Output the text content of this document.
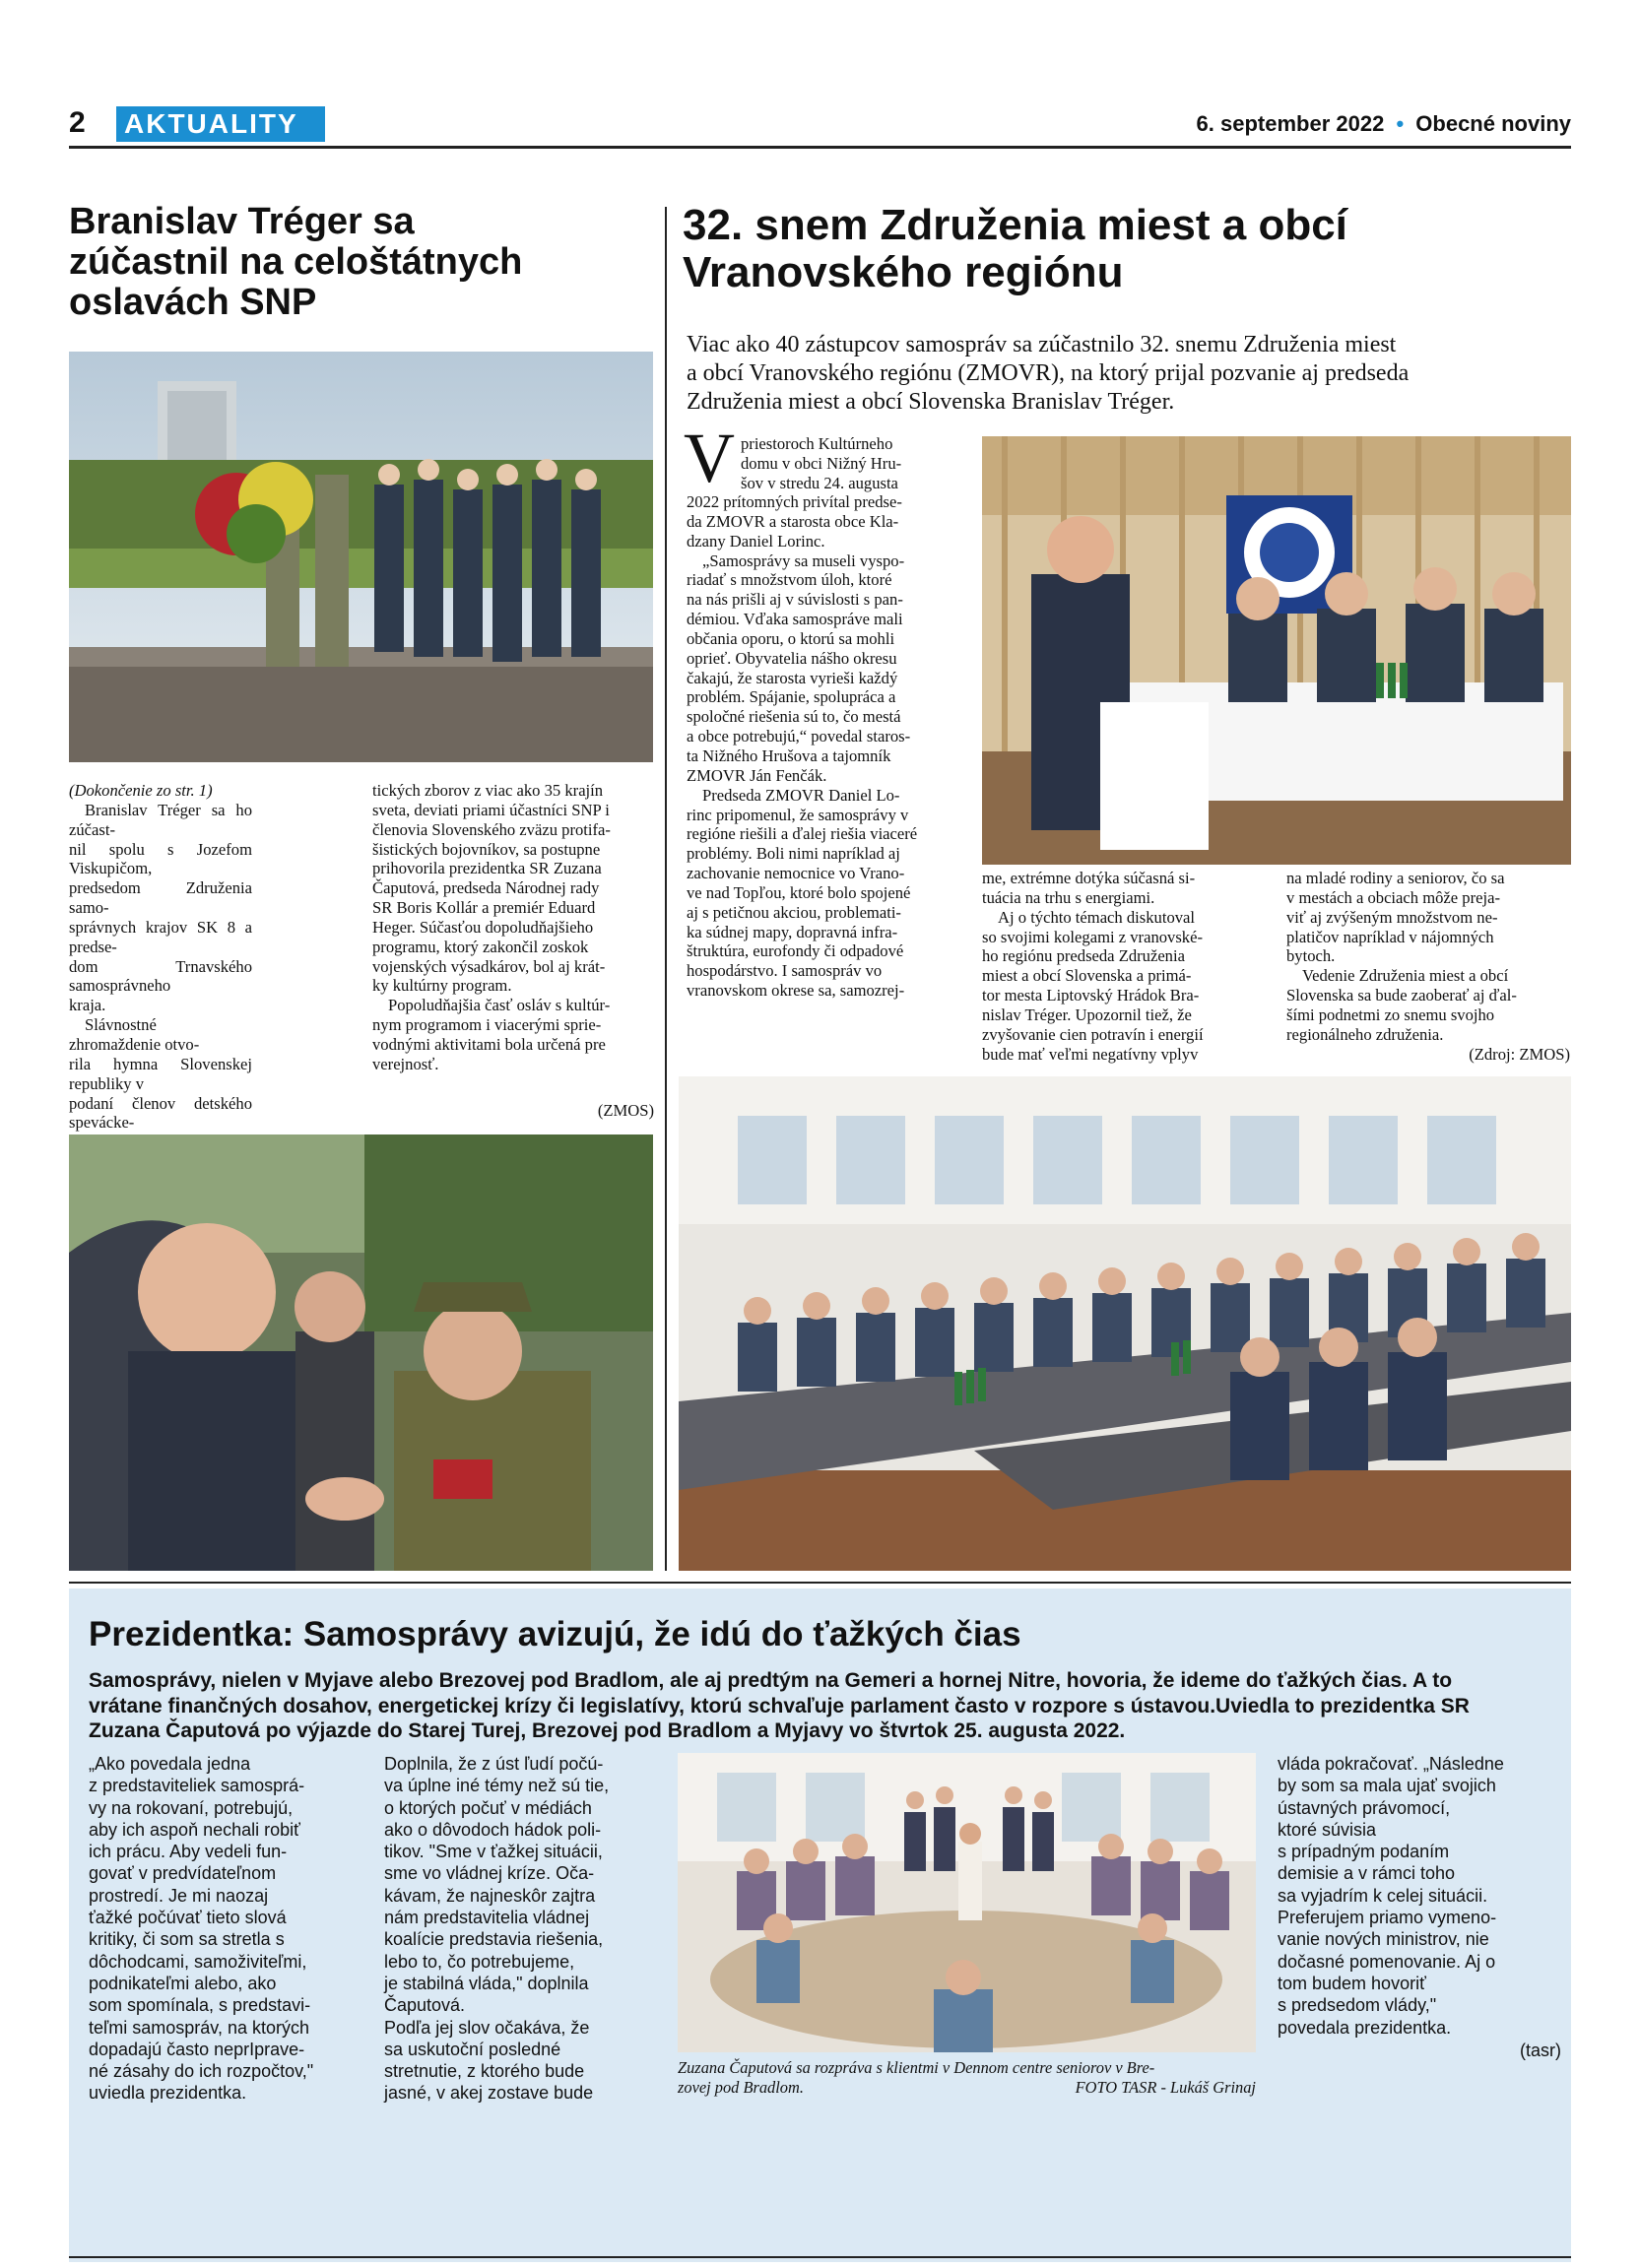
2 AKTUALITY	6. september 2022 • Obecné noviny
Branislav Tréger sa
zúčastnil na celoštátnych
oslavách SNP

(Dokončenie zo str. 1)

Branislav Tréger sa ho zúčast-

nil spolu s Jozefom Viskupičom,

predsedom Združenia samo-

správnych krajov SK 8 a predse-

dom Trnavského samosprávneho

kraja.

Slávnostné zhromaždenie otvo-

rila hymna Slovenskej republiky v

podaní členov detského spevácke-

tických zborov z viac ako 35 krajín

sveta, deviati priami účastníci SNP i

členovia Slovenského zväzu protifa-

šistických bojovníkov, sa postupne

prihovorila prezidentka SR Zuzana

Čaputová, predseda Národnej rady

SR Boris Kollár a premiér Eduard

Heger. Súčasťou dopoludňajšieho

programu, ktorý zakončil zoskok

vojenských výsadkárov, bol aj krát-

ky kultúrny program.

Popoludňajšia časť osláv s kultúr-

nym programom i viacerými sprie-

vodnými aktivitami bola určená pre

verejnosť.

(ZMOS)
32. snem Združenia miest a obcí
Vranovského regiónu
Viac ako 40 zástupcov samospráv sa zúčastnilo 32. snemu Združenia miest
a obcí Vranovského regiónu (ZMOVR), na ktorý prijal pozvanie aj predseda
Združenia miest a obcí Slovenska Branislav Tréger.
V priestoroch Kultúrneho

domu v obci Nižný Hru-

šov v stredu 24. augusta

2022 prítomných privítal predse-

da ZMOVR a starosta obce Kla-

dzany Daniel Lorinc.

„Samosprávy sa museli vyspo-

riadať s množstvom úloh, ktoré

na nás prišli aj v súvislosti s pan-

démiou. Vďaka samospráve mali

občania oporu, o ktorú sa mohli

oprieť. Obyvatelia nášho okresu

čakajú, že starosta vyrieši každý

problém. Spájanie, spolupráca a

spoločné riešenia sú to, čo mestá

a obce potrebujú,“ povedal staros-

ta Nižného Hrušova a tajomník

ZMOVR Ján Fenčák.

Predseda ZMOVR Daniel Lo-

rinc pripomenul, že samosprávy v

regióne riešili a ďalej riešia viaceré

problémy. Boli nimi napríklad aj

zachovanie nemocnice vo Vrano-

ve nad Topľou, ktoré bolo spojené

aj s petičnou akciou, problemati-

ka súdnej mapy, dopravná infra-

štruktúra, eurofondy či odpadové

hospodárstvo. I samospráv vo

vranovskom okrese sa, samozrej-

me, extrémne dotýka súčasná si-

tuácia na trhu s energiami.

Aj o týchto témach diskutoval

so svojimi kolegami z vranovské-

ho regiónu predseda Združenia

miest a obcí Slovenska a primá-

tor mesta Liptovský Hrádok Bra-

nislav Tréger. Upozornil tiež, že

zvyšovanie cien potravín i energií

bude mať veľmi negatívny vplyv

na mladé rodiny a seniorov, čo sa

v mestách a obciach môže preja-

viť aj zvýšeným množstvom ne-

platičov napríklad v nájomných

bytoch.

Vedenie Združenia miest a obcí

Slovenska sa bude zaoberať aj ďal-

šími podnetmi zo snemu svojho

regionálneho združenia.

(Zdroj: ZMOS)
Prezidentka: Samosprávy avizujú, že idú do ťažkých čias
Samosprávy, nielen v Myjave alebo Brezovej pod Bradlom, ale aj predtým na Gemeri a hornej Nitre, hovoria, že ideme do ťažkých čias. A to
vrátane finančných dosahov, energetickej krízy či legislatívy, ktorú schvaľuje parlament často v rozpore s ústavou.Uviedla to prezidentka SR
Zuzana Čaputová po výjazde do Starej Turej, Brezovej pod Bradlom a Myjavy vo štvrtok 25. augusta 2022.

„Ako povedala jedna

z predstaviteliek samosprá-

vy na rokovaní, potrebujú,

aby ich aspoň nechali robiť

ich prácu. Aby vedeli fun-

govať v predvídateľnom

prostredí. Je mi naozaj

ťažké počúvať tieto slová

kritiky, či som sa stretla s

dôchodcami, samoživiteľmi,

podnikateľmi alebo, ako

som spomínala, s predstavi-

teľmi samospráv, na ktorých

dopadajú často neprIprave-

né zásahy do ich rozpočtov,"

uviedla prezidentka.

Doplnila, že z úst ľudí počú-

va úplne iné témy než sú tie,

o ktorých počuť v médiách

ako o dôvodoch hádok poli-

tikov. "Sme v ťažkej situácii,

sme vo vládnej kríze. Oča-

kávam, že najneskôr zajtra

nám predstavitelia vládnej

koalície predstavia riešenia,

lebo to, čo potrebujeme,

je stabilná vláda," doplnila

Čaputová.

Podľa jej slov očakáva, že

sa uskutoční posledné

stretnutie, z ktorého bude

jasné, v akej zostave bude

Zuzana Čaputová sa rozpráva s klientmi v Dennom centre seniorov v Bre-
zovej pod Bradlom.	FOTO TASR - Lukáš Grinaj

vláda pokračovať. „Následne

by som sa mala ujať svojich

ústavných právomocí,

ktoré súvisia

s prípadným podaním

demisie a v rámci toho

sa vyjadrím k celej situácii.

Preferujem priamo vymeno-

vanie nových ministrov, nie

dočasné pomenovanie. Aj o

tom budem hovoriť

s predsedom vlády,"

povedala prezidentka.

(tasr)
